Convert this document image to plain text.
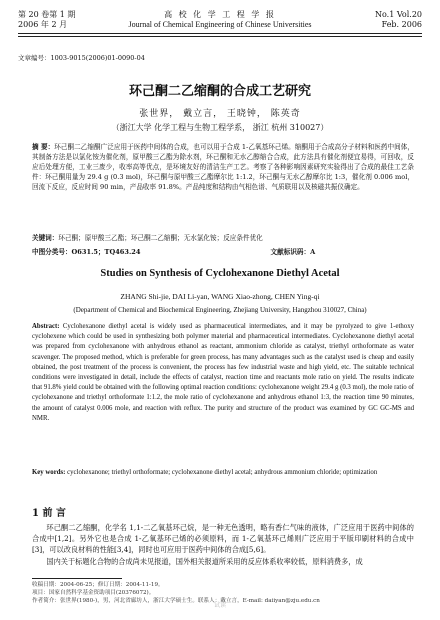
第 20 卷第 1 期
2006 年 2 月
高 校 化 学 工 程 学 报
Journal of Chemical Engineering of Chinese Universities
No.1 Vol.20
Feb. 2006
文章编号：1003-9015(2006)01-0090-04
环己酮二乙缩酮的合成工艺研究
张世界， 戴立言， 王晓钟， 陈英奇
（浙江大学 化学工程与生物工程学系， 浙江 杭州 310027）
摘 要：环己酮二乙缩酮广泛应用于医药中间体的合成，也可以用于合成 1-乙氧基环己烯。缩酮用于合成高分子材料和医药中间体，其制备方法是以氯化铵为催化剂，原甲酸三乙酯为除水剂，环己酮和无水乙醇缩合合成，此方法具有催化剂便宜易得，可回收，反应后处理方便，工业三废少，收率高等优点，是环境友好的清洁生产工艺。考察了各种影响因素研究实验得出了合成的最佳工艺条件：环己酮用量为 29.4 g (0.3 mol)，环己酮与原甲酸三乙酯摩尔比 1:1.2，环己酮与无水乙醇摩尔比 1:3，催化剂 0.006 mol，回流下反应，反应时间 90 min，产品收率 91.8%。产品纯度和结构由气相色谱、气质联用以及核磁共振仪确定。
关键词：环己酮；原甲酸三乙酯；环己酮二乙缩酮；无水氯化铵；反应条件优化
中图分类号：O631.5；TQ463.24	文献标识码：A
Studies on Synthesis of Cyclohexanone Diethyl Acetal
ZHANG Shi-jie, DAI Li-yan, WANG Xiao-zhong, CHEN Ying-qi
(Department of Chemical and Biochemical Engineering, Zhejiang University, Hangzhou 310027, China)
Abstract: Cyclohexanone diethyl acetal is widely used as pharmaceutical intermediates, and it may be pyrolyzed to give 1-ethoxy cyclohexene which could be used in synthesizing both polymer material and pharmaceutical intermediates. Cyclohexanone diethyl acetal was prepared from cyclohexanone with anhydrous ethanol as reactant, ammonium chloride as catalyst, triethyl orthoformate as water scavenger. The proposed method, which is preferable for green process, has many advantages such as the catalyst used is cheap and easily obtained, the post treatment of the process is convenient, the process has few industrial waste and high yield, etc. The suitable technical conditions were investigated in detail, include the effects of catalyst, reaction time and reactants mole ratio on yield. The results indicate that 91.8% yield could be obtained with the following optimal reaction conditions: cyclohexanone weight 29.4 g (0.3 mol), the mole ratio of cyclohexanone and triethyl orthoformate 1:1.2, the mole ratio of cyclohexanone and anhydrous ethanol 1:3, the reaction time 90 minutes, the amount of catalyst 0.006 mole, and reaction with reflux. The purity and structure of the product was examined by GC GC-MS and NMR.
Key words: cyclohexanone; triethyl orthoformate; cyclohexanone diethyl acetal; anhydrous ammonium chloride; optimization
1 前 言
环己酮二乙缩酮，化学名 1,1-二乙氧基环己烷，是一种无色透明，略有香仁气味的液体，广泛应用于医药中间体的合成中[1,2]。另外它也是合成 1-乙氧基环己烯的必须原料，而 1-乙氧基环己烯则广泛应用于平版印刷材料的合成中[3]，可以改良材料的性能[3,4]，同时也可应用于医药中间体的合成[5,6]。
国内关于标题化合物的合成尚未见报道，国外相关报道所采用的反应体系收率较低，原料消费多，成
收稿日期：2004-06-25；修订日期：2004-11-19。
项目：国家自然科学基金资助项目(20376072)。
作者简介：张世界(1980-)，男，河北省廊坊人，浙江大学硕士生。联系人：戴立言，E-mail: daiiyan@zju.edu.cn
试读
